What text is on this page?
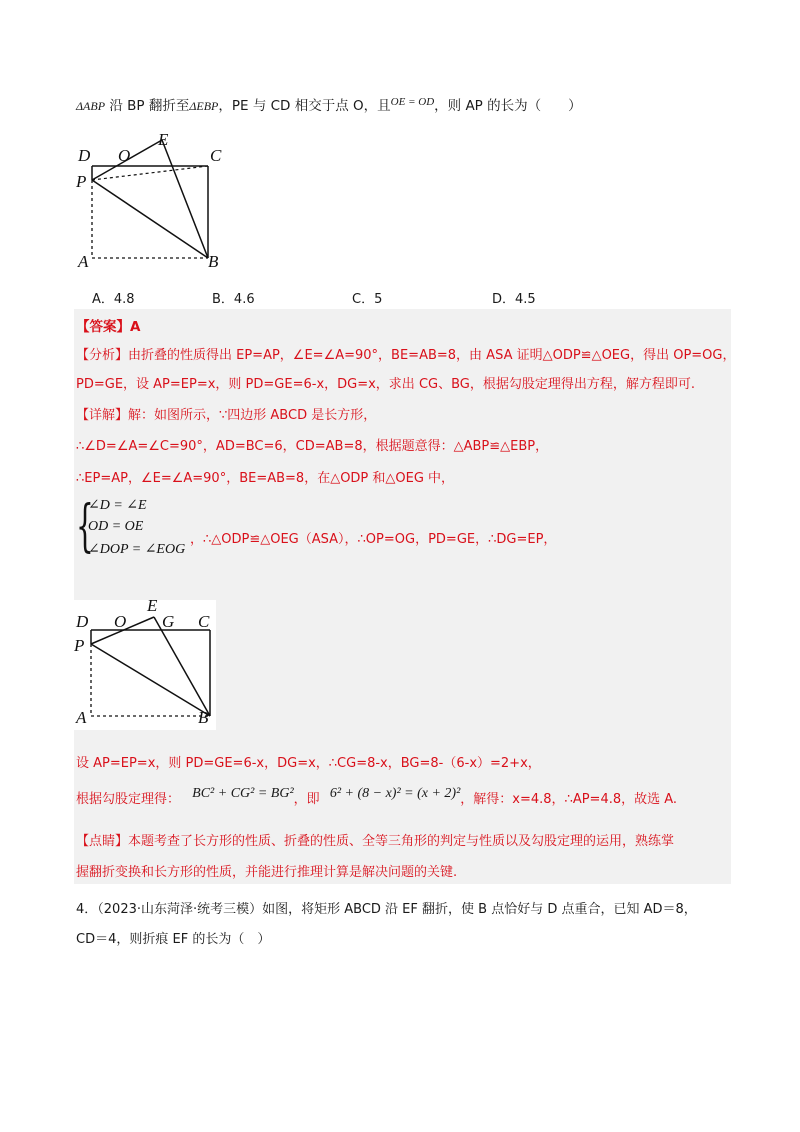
ΔABP 沿 BP 翻折至ΔEBP，PE 与 CD 相交于点 O，且$^{OE = OD}$，则 AP 的长为（　　）
D O
E
C
P
A	B
A．4.8	B．4.6	C．5	D．4.5
【答案】A
【分析】由折叠的性质得出 EP=AP，∠E=∠A=90°，BE=AB=8，由 ASA 证明△ODP≌△OEG，得出 OP=OG，
PD=GE，设 AP=EP=x，则 PD=GE=6-x，DG=x，求出 CG、BG，根据勾股定理得出方程，解方程即可.
【详解】解：如图所示，∵四边形 ABCD 是长方形，
∴∠D=∠A=∠C=90°，AD=BC=6，CD=AB=8，根据题意得：△ABP≌△EBP，
∴EP=AP，∠E=∠A=90°，BE=AB=8，在△ODP 和△OEG 中，
{
∠D = ∠E
OD = OE
∠DOP = ∠EOG
，∴△ODP≌△OEG（ASA），∴OP=OG，PD=GE，∴DG=EP，
D O
E
G C
P
A	B
设 AP=EP=x，则 PD=GE=6-x，DG=x，∴CG=8-x，BG=8-（6-x）=2+x，
根据勾股定理得： BC² + CG² = BG²，即 6² + (8 − x)² = (x + 2)²，解得：x=4.8，∴AP=4.8，故选 A.
【点睛】本题考查了长方形的性质、折叠的性质、全等三角形的判定与性质以及勾股定理的运用，熟练掌
握翻折变换和长方形的性质，并能进行推理计算是解决问题的关键.
4．（2023·山东菏泽·统考三模）如图，将矩形 ABCD 沿 EF 翻折，使 B 点恰好与 D 点重合，已知 AD＝8，
CD＝4，则折痕 EF 的长为（　）
